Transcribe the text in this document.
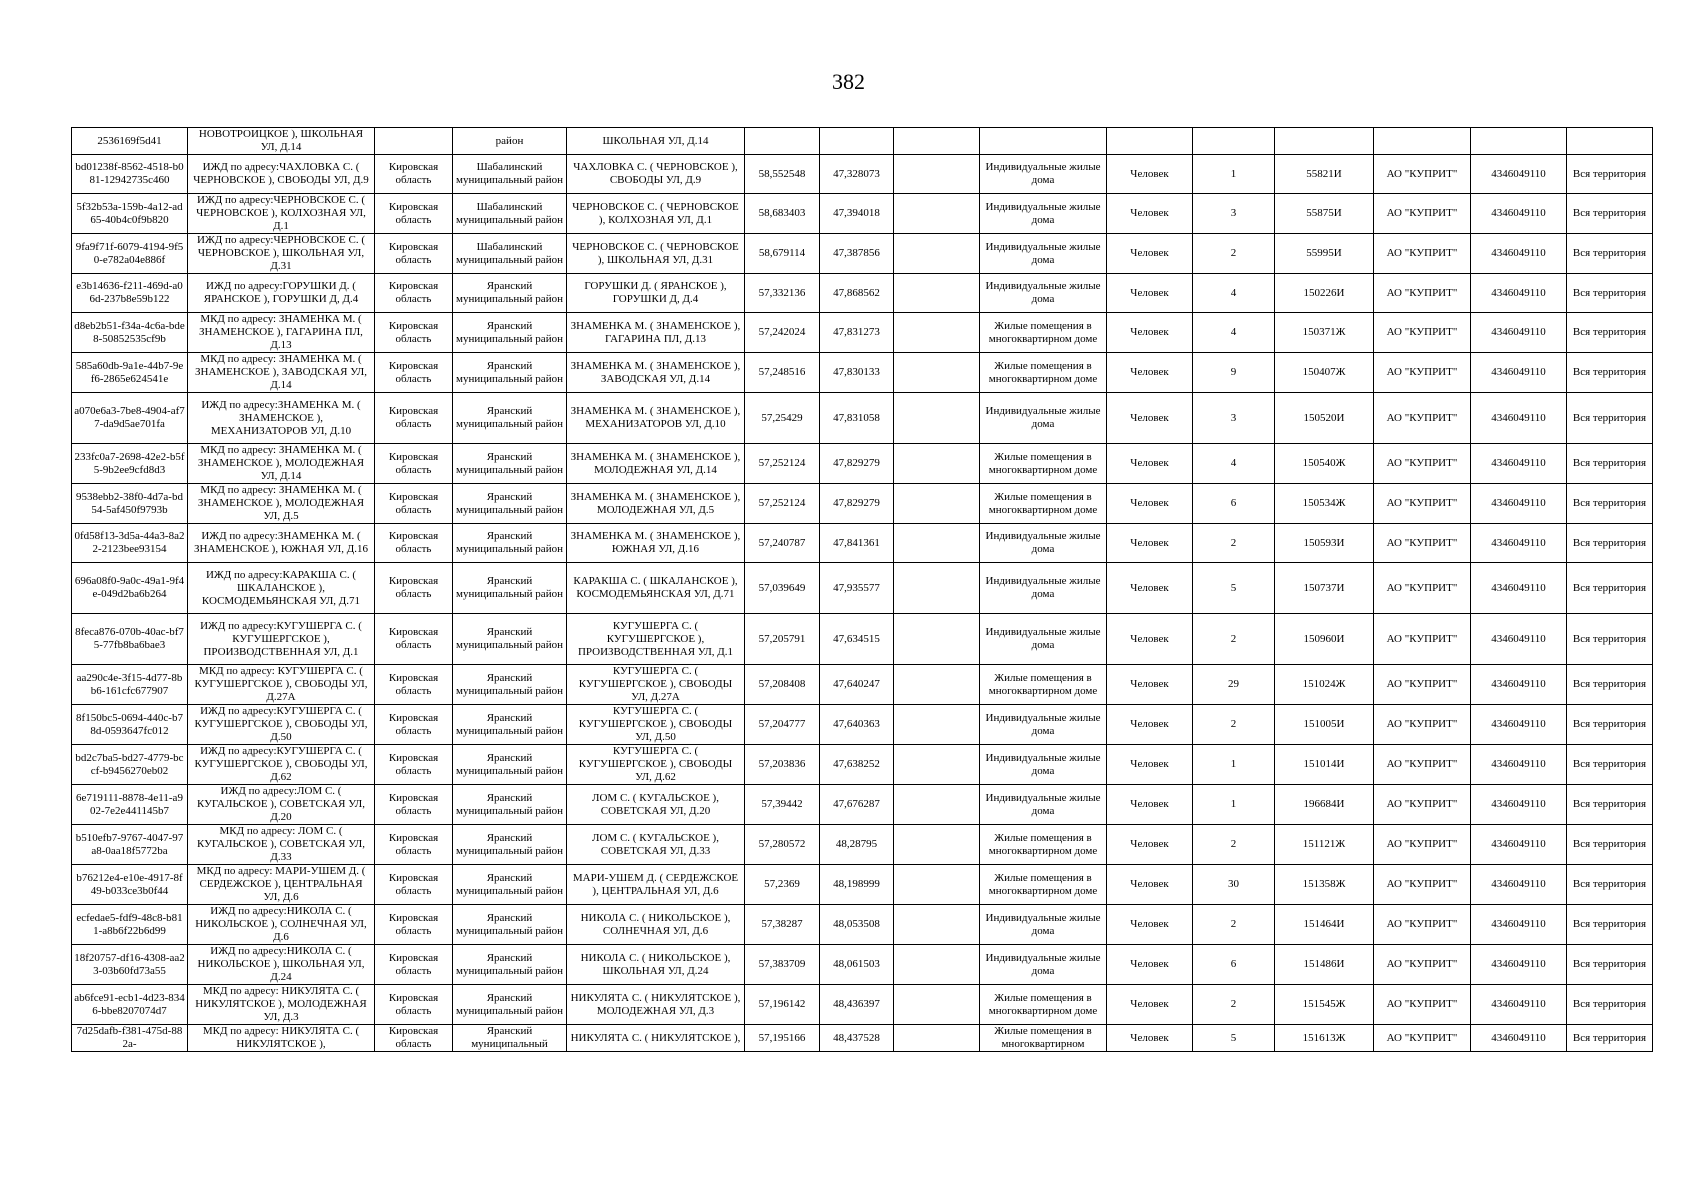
382
2536169f5d41	НОВОТРОИЦКОЕ ), ШКОЛЬНАЯ УЛ, Д.14		район	ШКОЛЬНАЯ УЛ, Д.14										
bd01238f-8562-4518-b081-12942735c460	ИЖД по адресу:ЧАХЛОВКА С. ( ЧЕРНОВСКОЕ ), СВОБОДЫ УЛ, Д.9	Кировская область	Шабалинский муниципальный район	ЧАХЛОВКА С. ( ЧЕРНОВСКОЕ ), СВОБОДЫ УЛ, Д.9	58,552548	47,328073		Индивидуальные жилые дома	Человек	1	55821И	АО "КУПРИТ"	4346049110	Вся территория
5f32b53a-159b-4a12-ad65-40b4c0f9b820	ИЖД по адресу:ЧЕРНОВСКОЕ С. ( ЧЕРНОВСКОЕ ), КОЛХОЗНАЯ УЛ, Д.1	Кировская область	Шабалинский муниципальный район	ЧЕРНОВСКОЕ С. ( ЧЕРНОВСКОЕ ), КОЛХОЗНАЯ УЛ, Д.1	58,683403	47,394018		Индивидуальные жилые дома	Человек	3	55875И	АО "КУПРИТ"	4346049110	Вся территория
9fa9f71f-6079-4194-9f50-e782a04e886f	ИЖД по адресу:ЧЕРНОВСКОЕ С. ( ЧЕРНОВСКОЕ ), ШКОЛЬНАЯ УЛ, Д.31	Кировская область	Шабалинский муниципальный район	ЧЕРНОВСКОЕ С. ( ЧЕРНОВСКОЕ ), ШКОЛЬНАЯ УЛ, Д.31	58,679114	47,387856		Индивидуальные жилые дома	Человек	2	55995И	АО "КУПРИТ"	4346049110	Вся территория
e3b14636-f211-469d-a06d-237b8e59b122	ИЖД по адресу:ГОРУШКИ Д. ( ЯРАНСКОЕ ), ГОРУШКИ Д, Д.4	Кировская область	Яранский муниципальный район	ГОРУШКИ Д. ( ЯРАНСКОЕ ), ГОРУШКИ Д, Д.4	57,332136	47,868562		Индивидуальные жилые дома	Человек	4	150226И	АО "КУПРИТ"	4346049110	Вся территория
d8eb2b51-f34a-4c6a-bde8-50852535cf9b	МКД по адресу: ЗНАМЕНКА М. ( ЗНАМЕНСКОЕ ), ГАГАРИНА ПЛ, Д.13	Кировская область	Яранский муниципальный район	ЗНАМЕНКА М. ( ЗНАМЕНСКОЕ ), ГАГАРИНА ПЛ, Д.13	57,242024	47,831273		Жилые помещения в многоквартирном доме	Человек	4	150371Ж	АО "КУПРИТ"	4346049110	Вся территория
585a60db-9a1e-44b7-9ef6-2865e624541e	МКД по адресу: ЗНАМЕНКА М. ( ЗНАМЕНСКОЕ ), ЗАВОДСКАЯ УЛ, Д.14	Кировская область	Яранский муниципальный район	ЗНАМЕНКА М. ( ЗНАМЕНСКОЕ ), ЗАВОДСКАЯ УЛ, Д.14	57,248516	47,830133		Жилые помещения в многоквартирном доме	Человек	9	150407Ж	АО "КУПРИТ"	4346049110	Вся территория
a070e6a3-7be8-4904-af77-da9d5ae701fa	ИЖД по адресу:ЗНАМЕНКА М. ( ЗНАМЕНСКОЕ ), МЕХАНИЗАТОРОВ УЛ, Д.10	Кировская область	Яранский муниципальный район	ЗНАМЕНКА М. ( ЗНАМЕНСКОЕ ), МЕХАНИЗАТОРОВ УЛ, Д.10	57,25429	47,831058		Индивидуальные жилые дома	Человек	3	150520И	АО "КУПРИТ"	4346049110	Вся территория
233fc0a7-2698-42e2-b5f5-9b2ee9cfd8d3	МКД по адресу: ЗНАМЕНКА М. ( ЗНАМЕНСКОЕ ), МОЛОДЕЖНАЯ УЛ, Д.14	Кировская область	Яранский муниципальный район	ЗНАМЕНКА М. ( ЗНАМЕНСКОЕ ), МОЛОДЕЖНАЯ УЛ, Д.14	57,252124	47,829279		Жилые помещения в многоквартирном доме	Человек	4	150540Ж	АО "КУПРИТ"	4346049110	Вся территория
9538ebb2-38f0-4d7a-bd54-5af450f9793b	МКД по адресу: ЗНАМЕНКА М. ( ЗНАМЕНСКОЕ ), МОЛОДЕЖНАЯ УЛ, Д.5	Кировская область	Яранский муниципальный район	ЗНАМЕНКА М. ( ЗНАМЕНСКОЕ ), МОЛОДЕЖНАЯ УЛ, Д.5	57,252124	47,829279		Жилые помещения в многоквартирном доме	Человек	6	150534Ж	АО "КУПРИТ"	4346049110	Вся территория
0fd58f13-3d5a-44a3-8a22-2123bee93154	ИЖД по адресу:ЗНАМЕНКА М. ( ЗНАМЕНСКОЕ ), ЮЖНАЯ УЛ, Д.16	Кировская область	Яранский муниципальный район	ЗНАМЕНКА М. ( ЗНАМЕНСКОЕ ), ЮЖНАЯ УЛ, Д.16	57,240787	47,841361		Индивидуальные жилые дома	Человек	2	150593И	АО "КУПРИТ"	4346049110	Вся территория
696a08f0-9a0c-49a1-9f4e-049d2ba6b264	ИЖД по адресу:КАРАКША С. ( ШКАЛАНСКОЕ ), КОСМОДЕМЬЯНСКАЯ УЛ, Д.71	Кировская область	Яранский муниципальный район	КАРАКША С. ( ШКАЛАНСКОЕ ), КОСМОДЕМЬЯНСКАЯ УЛ, Д.71	57,039649	47,935577		Индивидуальные жилые дома	Человек	5	150737И	АО "КУПРИТ"	4346049110	Вся территория
8feca876-070b-40ac-bf75-77fb8ba6bae3	ИЖД по адресу:КУГУШЕРГА С. ( КУГУШЕРГСКОЕ ), ПРОИЗВОДСТВЕННАЯ УЛ, Д.1	Кировская область	Яранский муниципальный район	КУГУШЕРГА С. ( КУГУШЕРГСКОЕ ), ПРОИЗВОДСТВЕННАЯ УЛ, Д.1	57,205791	47,634515		Индивидуальные жилые дома	Человек	2	150960И	АО "КУПРИТ"	4346049110	Вся территория
aa290c4e-3f15-4d77-8bb6-161cfc677907	МКД по адресу: КУГУШЕРГА С. ( КУГУШЕРГСКОЕ ), СВОБОДЫ УЛ, Д.27А	Кировская область	Яранский муниципальный район	КУГУШЕРГА С. ( КУГУШЕРГСКОЕ ), СВОБОДЫ УЛ, Д.27А	57,208408	47,640247		Жилые помещения в многоквартирном доме	Человек	29	151024Ж	АО "КУПРИТ"	4346049110	Вся территория
8f150bc5-0694-440c-b78d-0593647fc012	ИЖД по адресу:КУГУШЕРГА С. ( КУГУШЕРГСКОЕ ), СВОБОДЫ УЛ, Д.50	Кировская область	Яранский муниципальный район	КУГУШЕРГА С. ( КУГУШЕРГСКОЕ ), СВОБОДЫ УЛ, Д.50	57,204777	47,640363		Индивидуальные жилые дома	Человек	2	151005И	АО "КУПРИТ"	4346049110	Вся территория
bd2c7ba5-bd27-4779-bccf-b9456270eb02	ИЖД по адресу:КУГУШЕРГА С. ( КУГУШЕРГСКОЕ ), СВОБОДЫ УЛ, Д.62	Кировская область	Яранский муниципальный район	КУГУШЕРГА С. ( КУГУШЕРГСКОЕ ), СВОБОДЫ УЛ, Д.62	57,203836	47,638252		Индивидуальные жилые дома	Человек	1	151014И	АО "КУПРИТ"	4346049110	Вся территория
6e719111-8878-4e11-a902-7e2e441145b7	ИЖД по адресу:ЛОМ С. ( КУГАЛЬСКОЕ ), СОВЕТСКАЯ УЛ, Д.20	Кировская область	Яранский муниципальный район	ЛОМ С. ( КУГАЛЬСКОЕ ), СОВЕТСКАЯ УЛ, Д.20	57,39442	47,676287		Индивидуальные жилые дома	Человек	1	196684И	АО "КУПРИТ"	4346049110	Вся территория
b510efb7-9767-4047-97a8-0aa18f5772ba	МКД по адресу: ЛОМ С. ( КУГАЛЬСКОЕ ), СОВЕТСКАЯ УЛ, Д.33	Кировская область	Яранский муниципальный район	ЛОМ С. ( КУГАЛЬСКОЕ ), СОВЕТСКАЯ УЛ, Д.33	57,280572	48,28795		Жилые помещения в многоквартирном доме	Человек	2	151121Ж	АО "КУПРИТ"	4346049110	Вся территория
b76212e4-e10e-4917-8f49-b033ce3b0f44	МКД по адресу: МАРИ-УШЕМ Д. ( СЕРДЕЖСКОЕ ), ЦЕНТРАЛЬНАЯ УЛ, Д.6	Кировская область	Яранский муниципальный район	МАРИ-УШЕМ Д. ( СЕРДЕЖСКОЕ ), ЦЕНТРАЛЬНАЯ УЛ, Д.6	57,2369	48,198999		Жилые помещения в многоквартирном доме	Человек	30	151358Ж	АО "КУПРИТ"	4346049110	Вся территория
ecfedae5-fdf9-48c8-b811-a8b6f22b6d99	ИЖД по адресу:НИКОЛА С. ( НИКОЛЬСКОЕ ), СОЛНЕЧНАЯ УЛ, Д.6	Кировская область	Яранский муниципальный район	НИКОЛА С. ( НИКОЛЬСКОЕ ), СОЛНЕЧНАЯ УЛ, Д.6	57,38287	48,053508		Индивидуальные жилые дома	Человек	2	151464И	АО "КУПРИТ"	4346049110	Вся территория
18f20757-df16-4308-aa23-03b60fd73a55	ИЖД по адресу:НИКОЛА С. ( НИКОЛЬСКОЕ ), ШКОЛЬНАЯ УЛ, Д.24	Кировская область	Яранский муниципальный район	НИКОЛА С. ( НИКОЛЬСКОЕ ), ШКОЛЬНАЯ УЛ, Д.24	57,383709	48,061503		Индивидуальные жилые дома	Человек	6	151486И	АО "КУПРИТ"	4346049110	Вся территория
ab6fce91-ecb1-4d23-8346-bbe8207074d7	МКД по адресу: НИКУЛЯТА С. ( НИКУЛЯТСКОЕ ), МОЛОДЕЖНАЯ УЛ, Д.3	Кировская область	Яранский муниципальный район	НИКУЛЯТА С. ( НИКУЛЯТСКОЕ ), МОЛОДЕЖНАЯ УЛ, Д.3	57,196142	48,436397		Жилые помещения в многоквартирном доме	Человек	2	151545Ж	АО "КУПРИТ"	4346049110	Вся территория
7d25dafb-f381-475d-882a-	МКД по адресу: НИКУЛЯТА С. ( НИКУЛЯТСКОЕ ),	Кировская область	Яранский муниципальный	НИКУЛЯТА С. ( НИКУЛЯТСКОЕ ),	57,195166	48,437528		Жилые помещения в многоквартирном	Человек	5	151613Ж	АО "КУПРИТ"	4346049110	Вся территория
